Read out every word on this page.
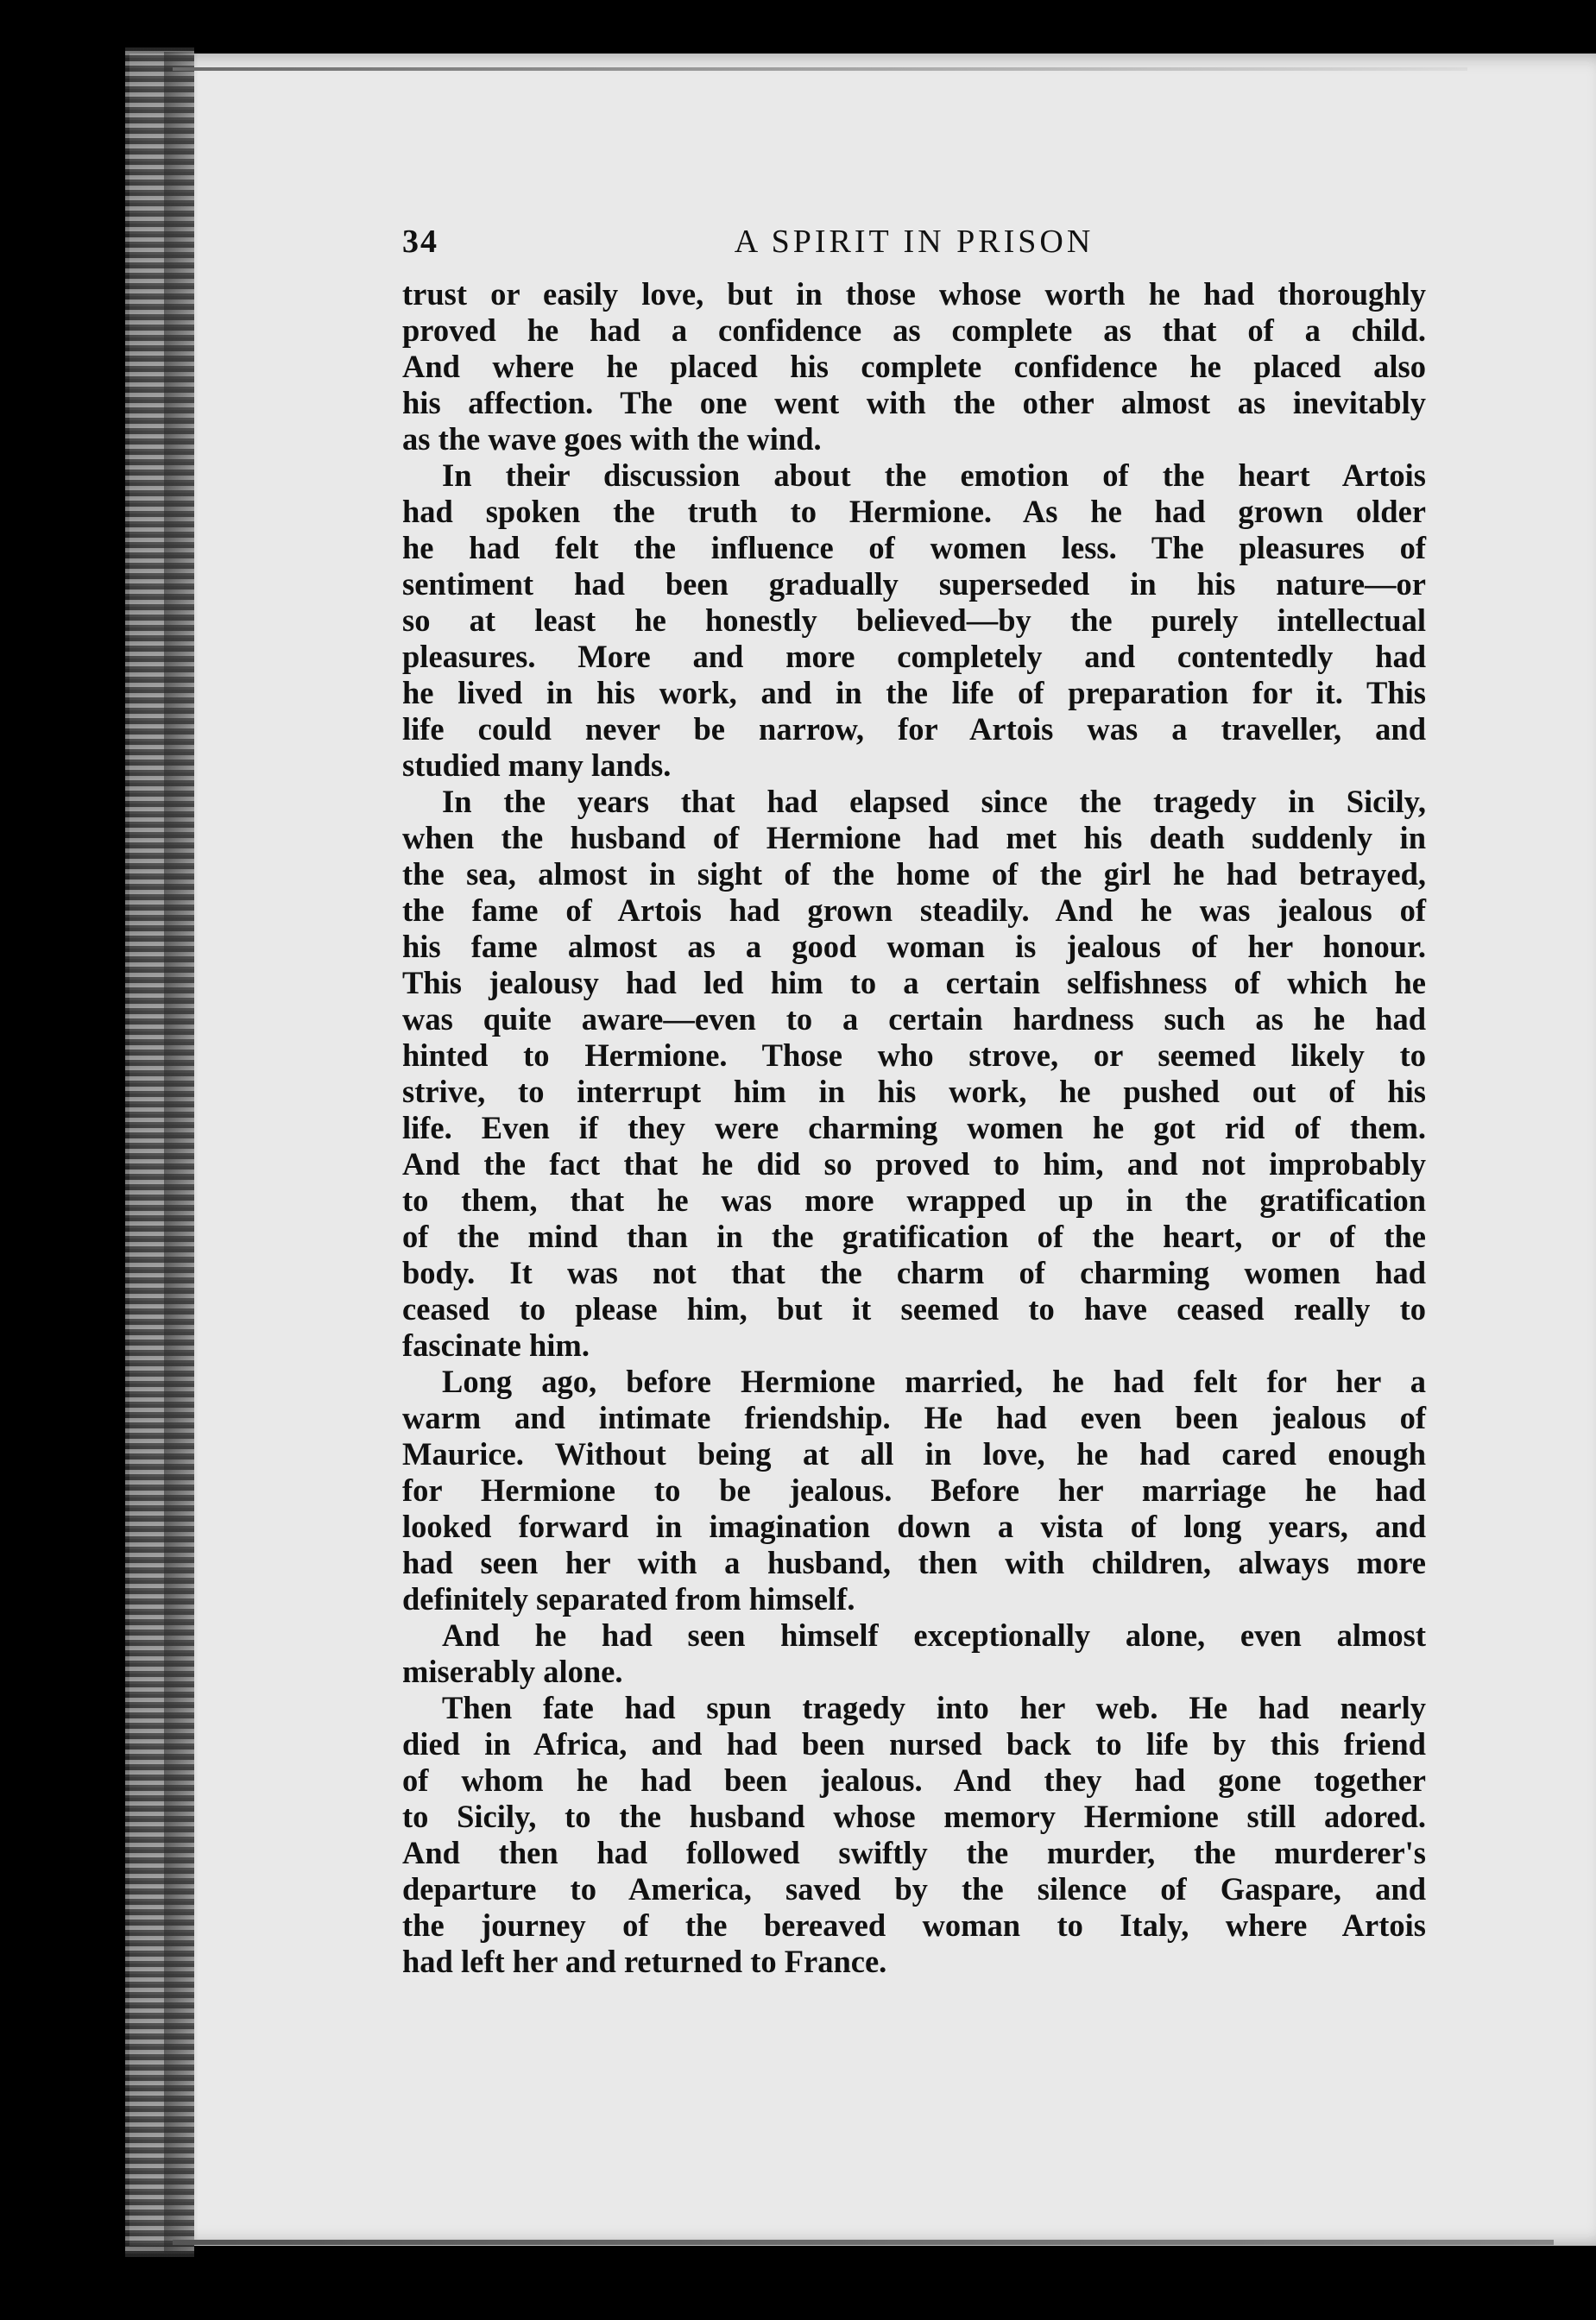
34	A SPIRIT IN PRISON
trust or easily love, but in those whose worth he had thoroughly
proved he had a confidence as complete as that of a child.
And where he placed his complete confidence he placed also
his affection. The one went with the other almost as inevitably
as the wave goes with the wind.
In their discussion about the emotion of the heart Artois
had spoken the truth to Hermione. As he had grown older
he had felt the influence of women less. The pleasures of
sentiment had been gradually superseded in his nature—or
so at least he honestly believed—by the purely intellectual
pleasures. More and more completely and contentedly had
he lived in his work, and in the life of preparation for it. This
life could never be narrow, for Artois was a traveller, and
studied many lands.
In the years that had elapsed since the tragedy in Sicily,
when the husband of Hermione had met his death suddenly in
the sea, almost in sight of the home of the girl he had betrayed,
the fame of Artois had grown steadily. And he was jealous of
his fame almost as a good woman is jealous of her honour.
This jealousy had led him to a certain selfishness of which he
was quite aware—even to a certain hardness such as he had
hinted to Hermione. Those who strove, or seemed likely to
strive, to interrupt him in his work, he pushed out of his
life. Even if they were charming women he got rid of them.
And the fact that he did so proved to him, and not improbably
to them, that he was more wrapped up in the gratification
of the mind than in the gratification of the heart, or of the
body. It was not that the charm of charming women had
ceased to please him, but it seemed to have ceased really to
fascinate him.
Long ago, before Hermione married, he had felt for her a
warm and intimate friendship. He had even been jealous of
Maurice. Without being at all in love, he had cared enough
for Hermione to be jealous. Before her marriage he had
looked forward in imagination down a vista of long years, and
had seen her with a husband, then with children, always more
definitely separated from himself.
And he had seen himself exceptionally alone, even almost
miserably alone.
Then fate had spun tragedy into her web. He had nearly
died in Africa, and had been nursed back to life by this friend
of whom he had been jealous. And they had gone together
to Sicily, to the husband whose memory Hermione still adored.
And then had followed swiftly the murder, the murderer's
departure to America, saved by the silence of Gaspare, and
the journey of the bereaved woman to Italy, where Artois
had left her and returned to France.
